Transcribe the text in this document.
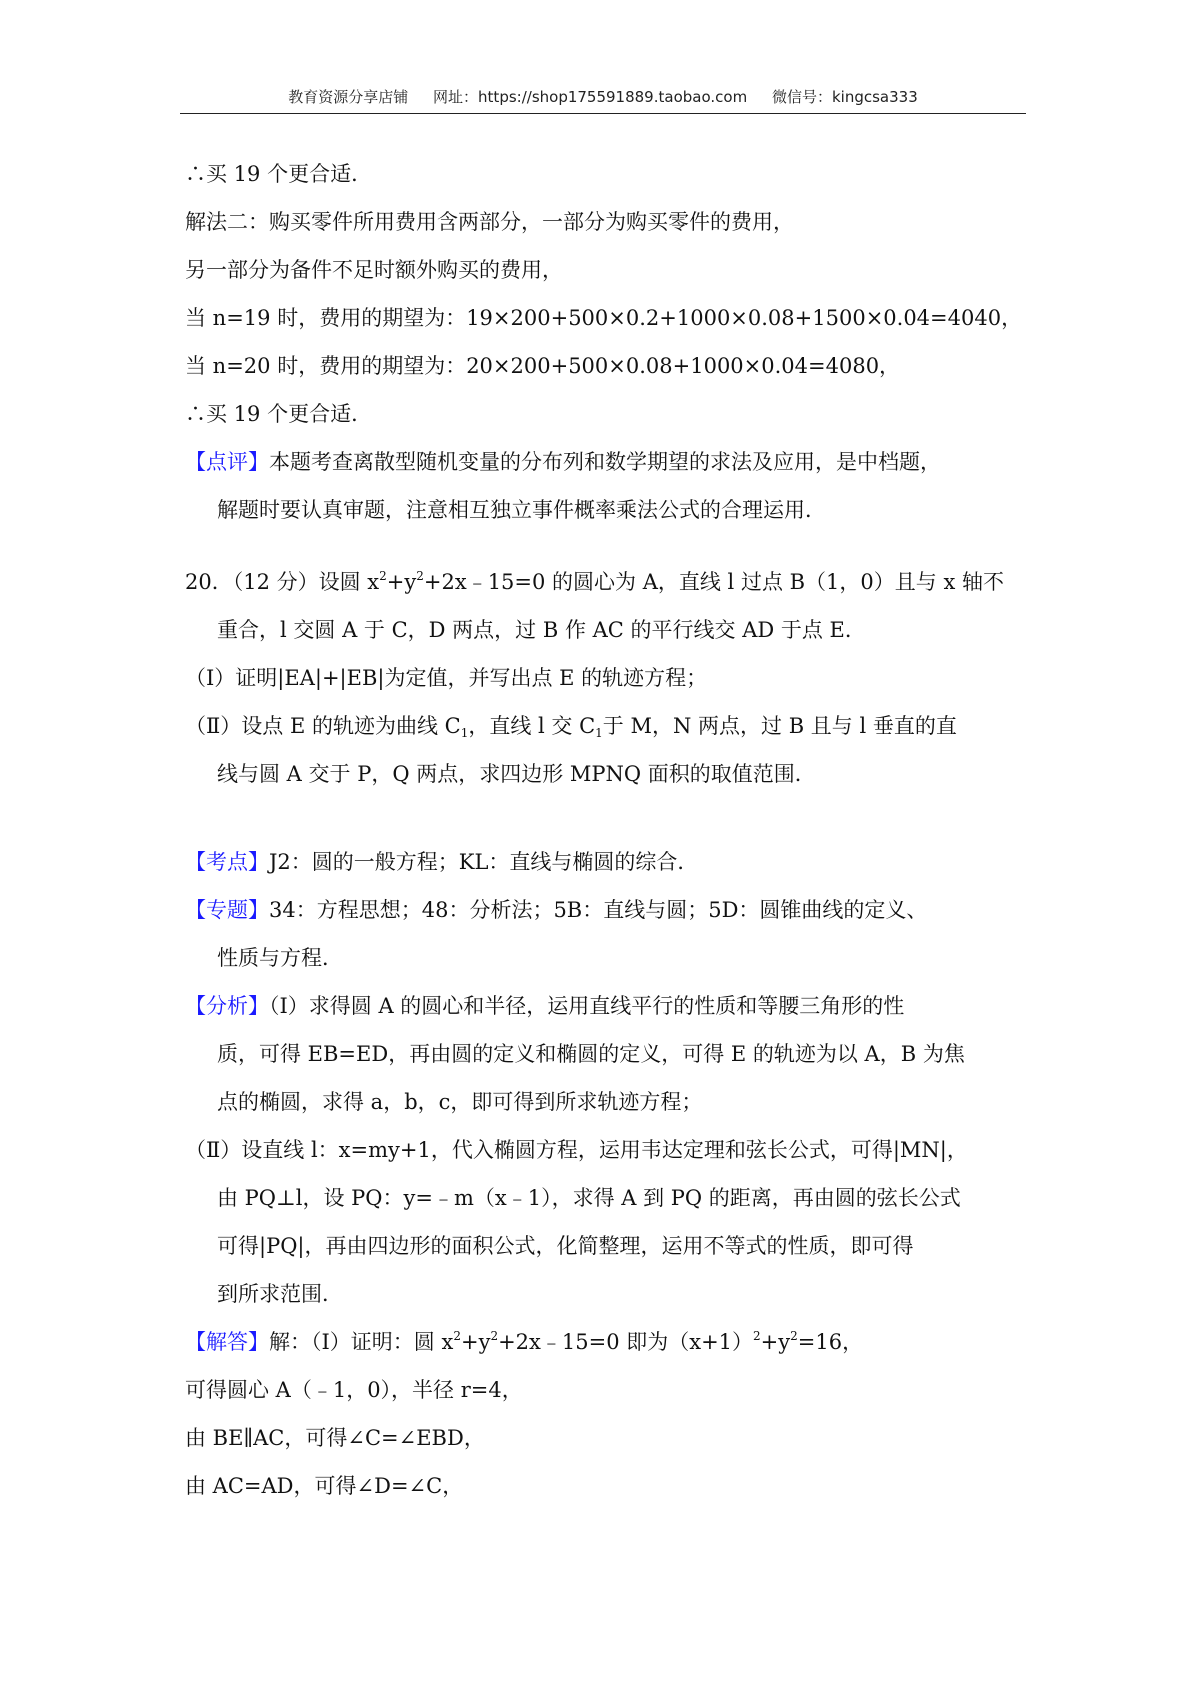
教育资源分享店铺 网址：https://shop175591889.taobao.com 微信号：kingcsa333
∴买 19 个更合适．
解法二：购买零件所用费用含两部分，一部分为购买零件的费用，
另一部分为备件不足时额外购买的费用，
当 n=19 时，费用的期望为：19×200+500×0.2+1000×0.08+1500×0.04=4040，
当 n=20 时，费用的期望为：20×200+500×0.08+1000×0.04=4080，
∴买 19 个更合适．
【点评】本题考查离散型随机变量的分布列和数学期望的求法及应用，是中档题，
解题时要认真审题，注意相互独立事件概率乘法公式的合理运用．
20．（12 分）设圆 $x^2+y^2+2x﹣15=0$ 的圆心为 A，直线 l 过点 B（1，0）且与 x 轴不
重合，l 交圆 A 于 C，D 两点，过 B 作 AC 的平行线交 AD 于点 E．
（Ⅰ）证明|EA|+|EB|为定值，并写出点 E 的轨迹方程；
（Ⅱ）设点 E 的轨迹为曲线 $C_1$，直线 l 交 $C_1$于 M，N 两点，过 B 且与 l 垂直的直
线与圆 A 交于 P，Q 两点，求四边形 MPNQ 面积的取值范围．
【考点】J2：圆的一般方程；KL：直线与椭圆的综合．
【专题】34：方程思想；48：分析法；5B：直线与圆；5D：圆锥曲线的定义、
性质与方程．
【分析】（Ⅰ）求得圆 A 的圆心和半径，运用直线平行的性质和等腰三角形的性
质，可得 EB=ED，再由圆的定义和椭圆的定义，可得 E 的轨迹为以 A，B 为焦
点的椭圆，求得 a，b，c，即可得到所求轨迹方程；
（Ⅱ）设直线 l：x=my+1，代入椭圆方程，运用韦达定理和弦长公式，可得|MN|，
由 PQ⊥l，设 PQ：y=﹣m（x﹣1），求得 A 到 PQ 的距离，再由圆的弦长公式
可得|PQ|，再由四边形的面积公式，化简整理，运用不等式的性质，即可得
到所求范围．
【解答】解：（Ⅰ）证明：圆 $x^2+y^2+2x﹣15=0$ 即为$(x+1)^2+y^2=16$，
可得圆心 A（﹣1，0），半径 r=4，
由 BE∥AC，可得∠C=∠EBD，
由 AC=AD，可得∠D=∠C，
